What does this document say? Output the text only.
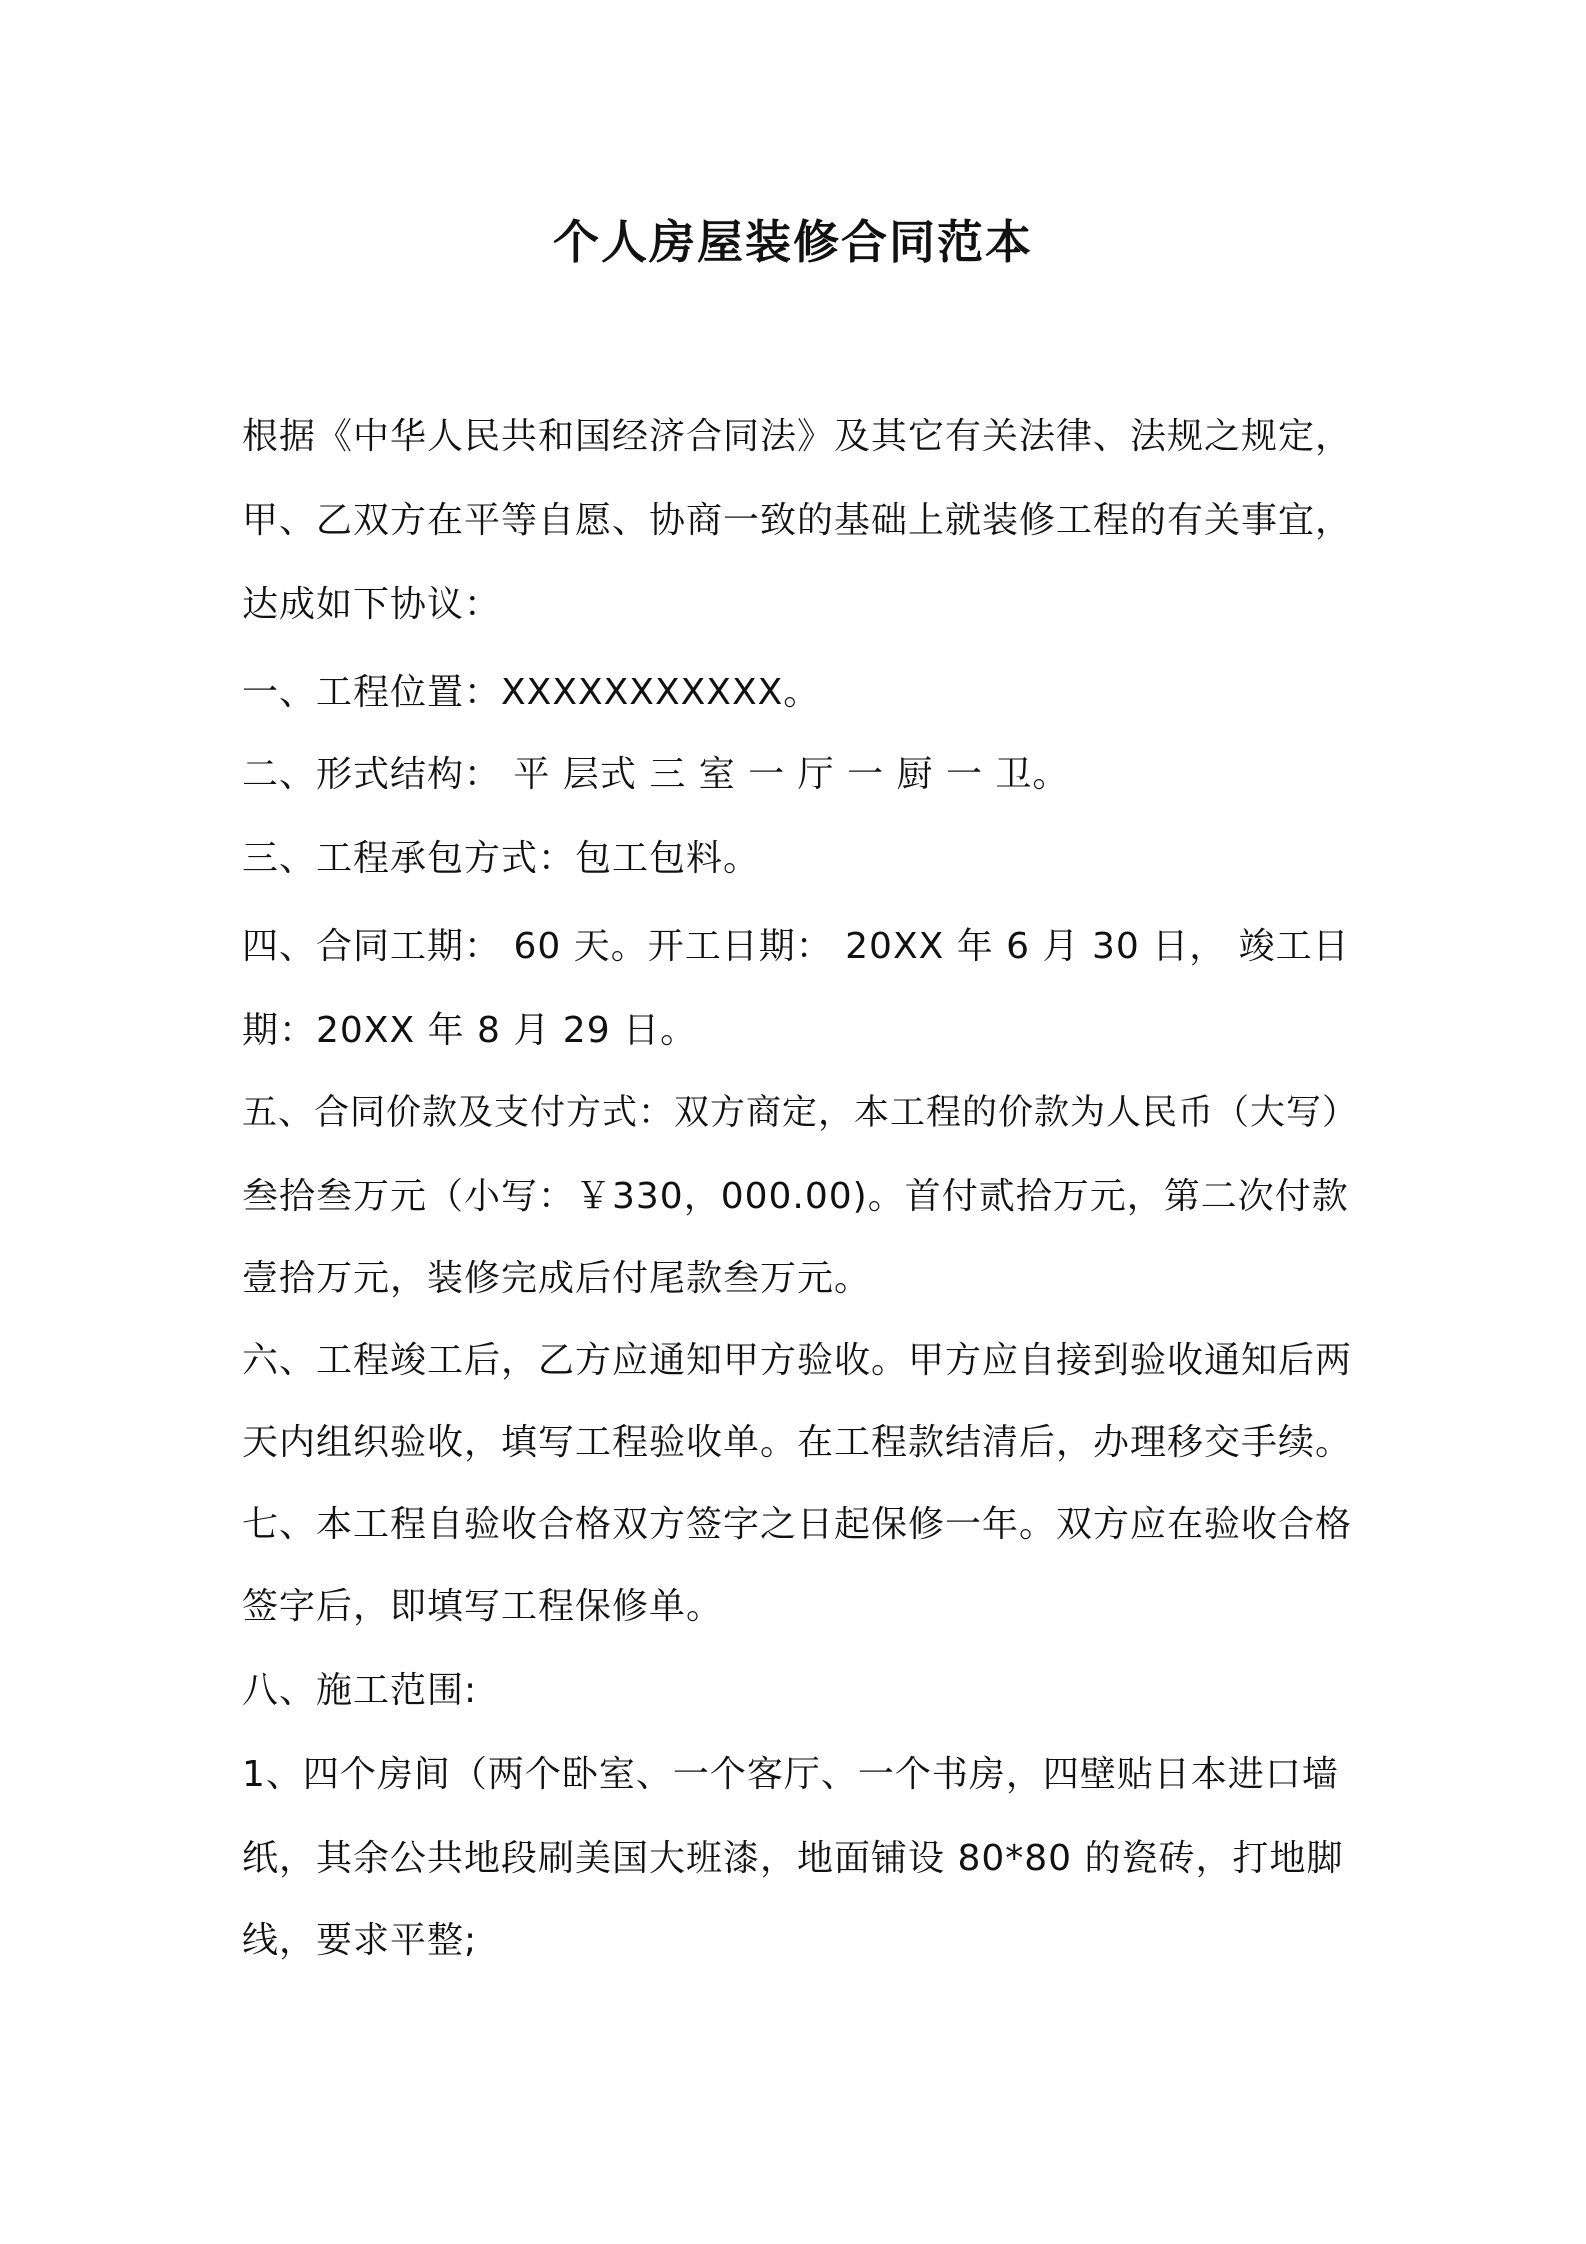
个人房屋装修合同范本
根据《中华人民共和国经济合同法》及其它有关法律、法规之规定，
甲、乙双方在平等自愿、协商一致的基础上就装修工程的有关事宜，
达成如下协议：
一、工程位置：XXXXXXXXXXX。
二、形式结构： 平 层式 三 室 一 厅 一 厨 一 卫。
三、工程承包方式：包工包料。
四、合同工期： 60 天。开工日期： 20XX 年 6 月 30 日， 竣工日
期：20XX 年 8 月 29 日。
五、合同价款及支付方式：双方商定，本工程的价款为人民币（大写）
叁拾叁万元（小写：￥330，000.00)。首付贰拾万元，第二次付款
壹拾万元，装修完成后付尾款叁万元。
六、工程竣工后，乙方应通知甲方验收。甲方应自接到验收通知后两
天内组织验收，填写工程验收单。在工程款结清后，办理移交手续。
七、本工程自验收合格双方签字之日起保修一年。双方应在验收合格
签字后，即填写工程保修单。
八、施工范围:
1、四个房间（两个卧室、一个客厅、一个书房，四壁贴日本进口墙
纸，其余公共地段刷美国大班漆，地面铺设 80*80 的瓷砖，打地脚
线，要求平整;
